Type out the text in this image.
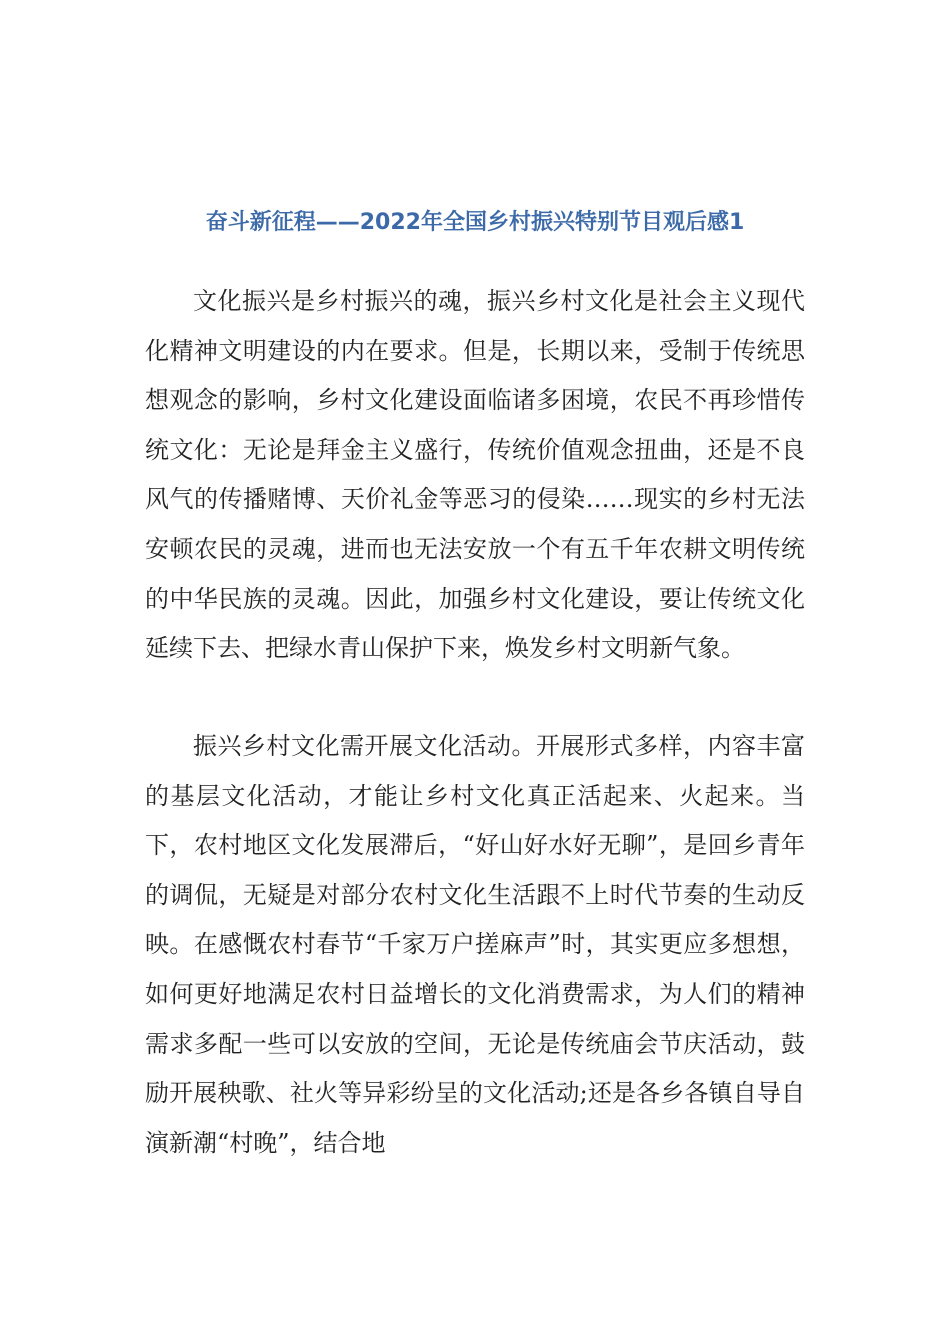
奋斗新征程——2022年全国乡村振兴特别节目观后感1

文化振兴是乡村振兴的魂，振兴乡村文化是社会主义现代化精神文明建设的内在要求。但是，长期以来，受制于传统思想观念的影响，乡村文化建设面临诸多困境，农民不再珍惜传统文化：无论是拜金主义盛行，传统价值观念扭曲，还是不良风气的传播赌博、天价礼金等恶习的侵染……现实的乡村无法安顿农民的灵魂，进而也无法安放一个有五千年农耕文明传统的中华民族的灵魂。因此，加强乡村文化建设，要让传统文化延续下去、把绿水青山保护下来，焕发乡村文明新气象。

振兴乡村文化需开展文化活动。开展形式多样，内容丰富的基层文化活动，才能让乡村文化真正活起来、火起来。当下，农村地区文化发展滞后，“好山好水好无聊”，是回乡青年的调侃，无疑是对部分农村文化生活跟不上时代节奏的生动反映。在感慨农村春节“千家万户搓麻声”时，其实更应多想想，如何更好地满足农村日益增长的文化消费需求，为人们的精神需求多配一些可以安放的空间，无论是传统庙会节庆活动，鼓励开展秧歌、社火等异彩纷呈的文化活动;还是各乡各镇自导自演新潮“村晚”，结合地
